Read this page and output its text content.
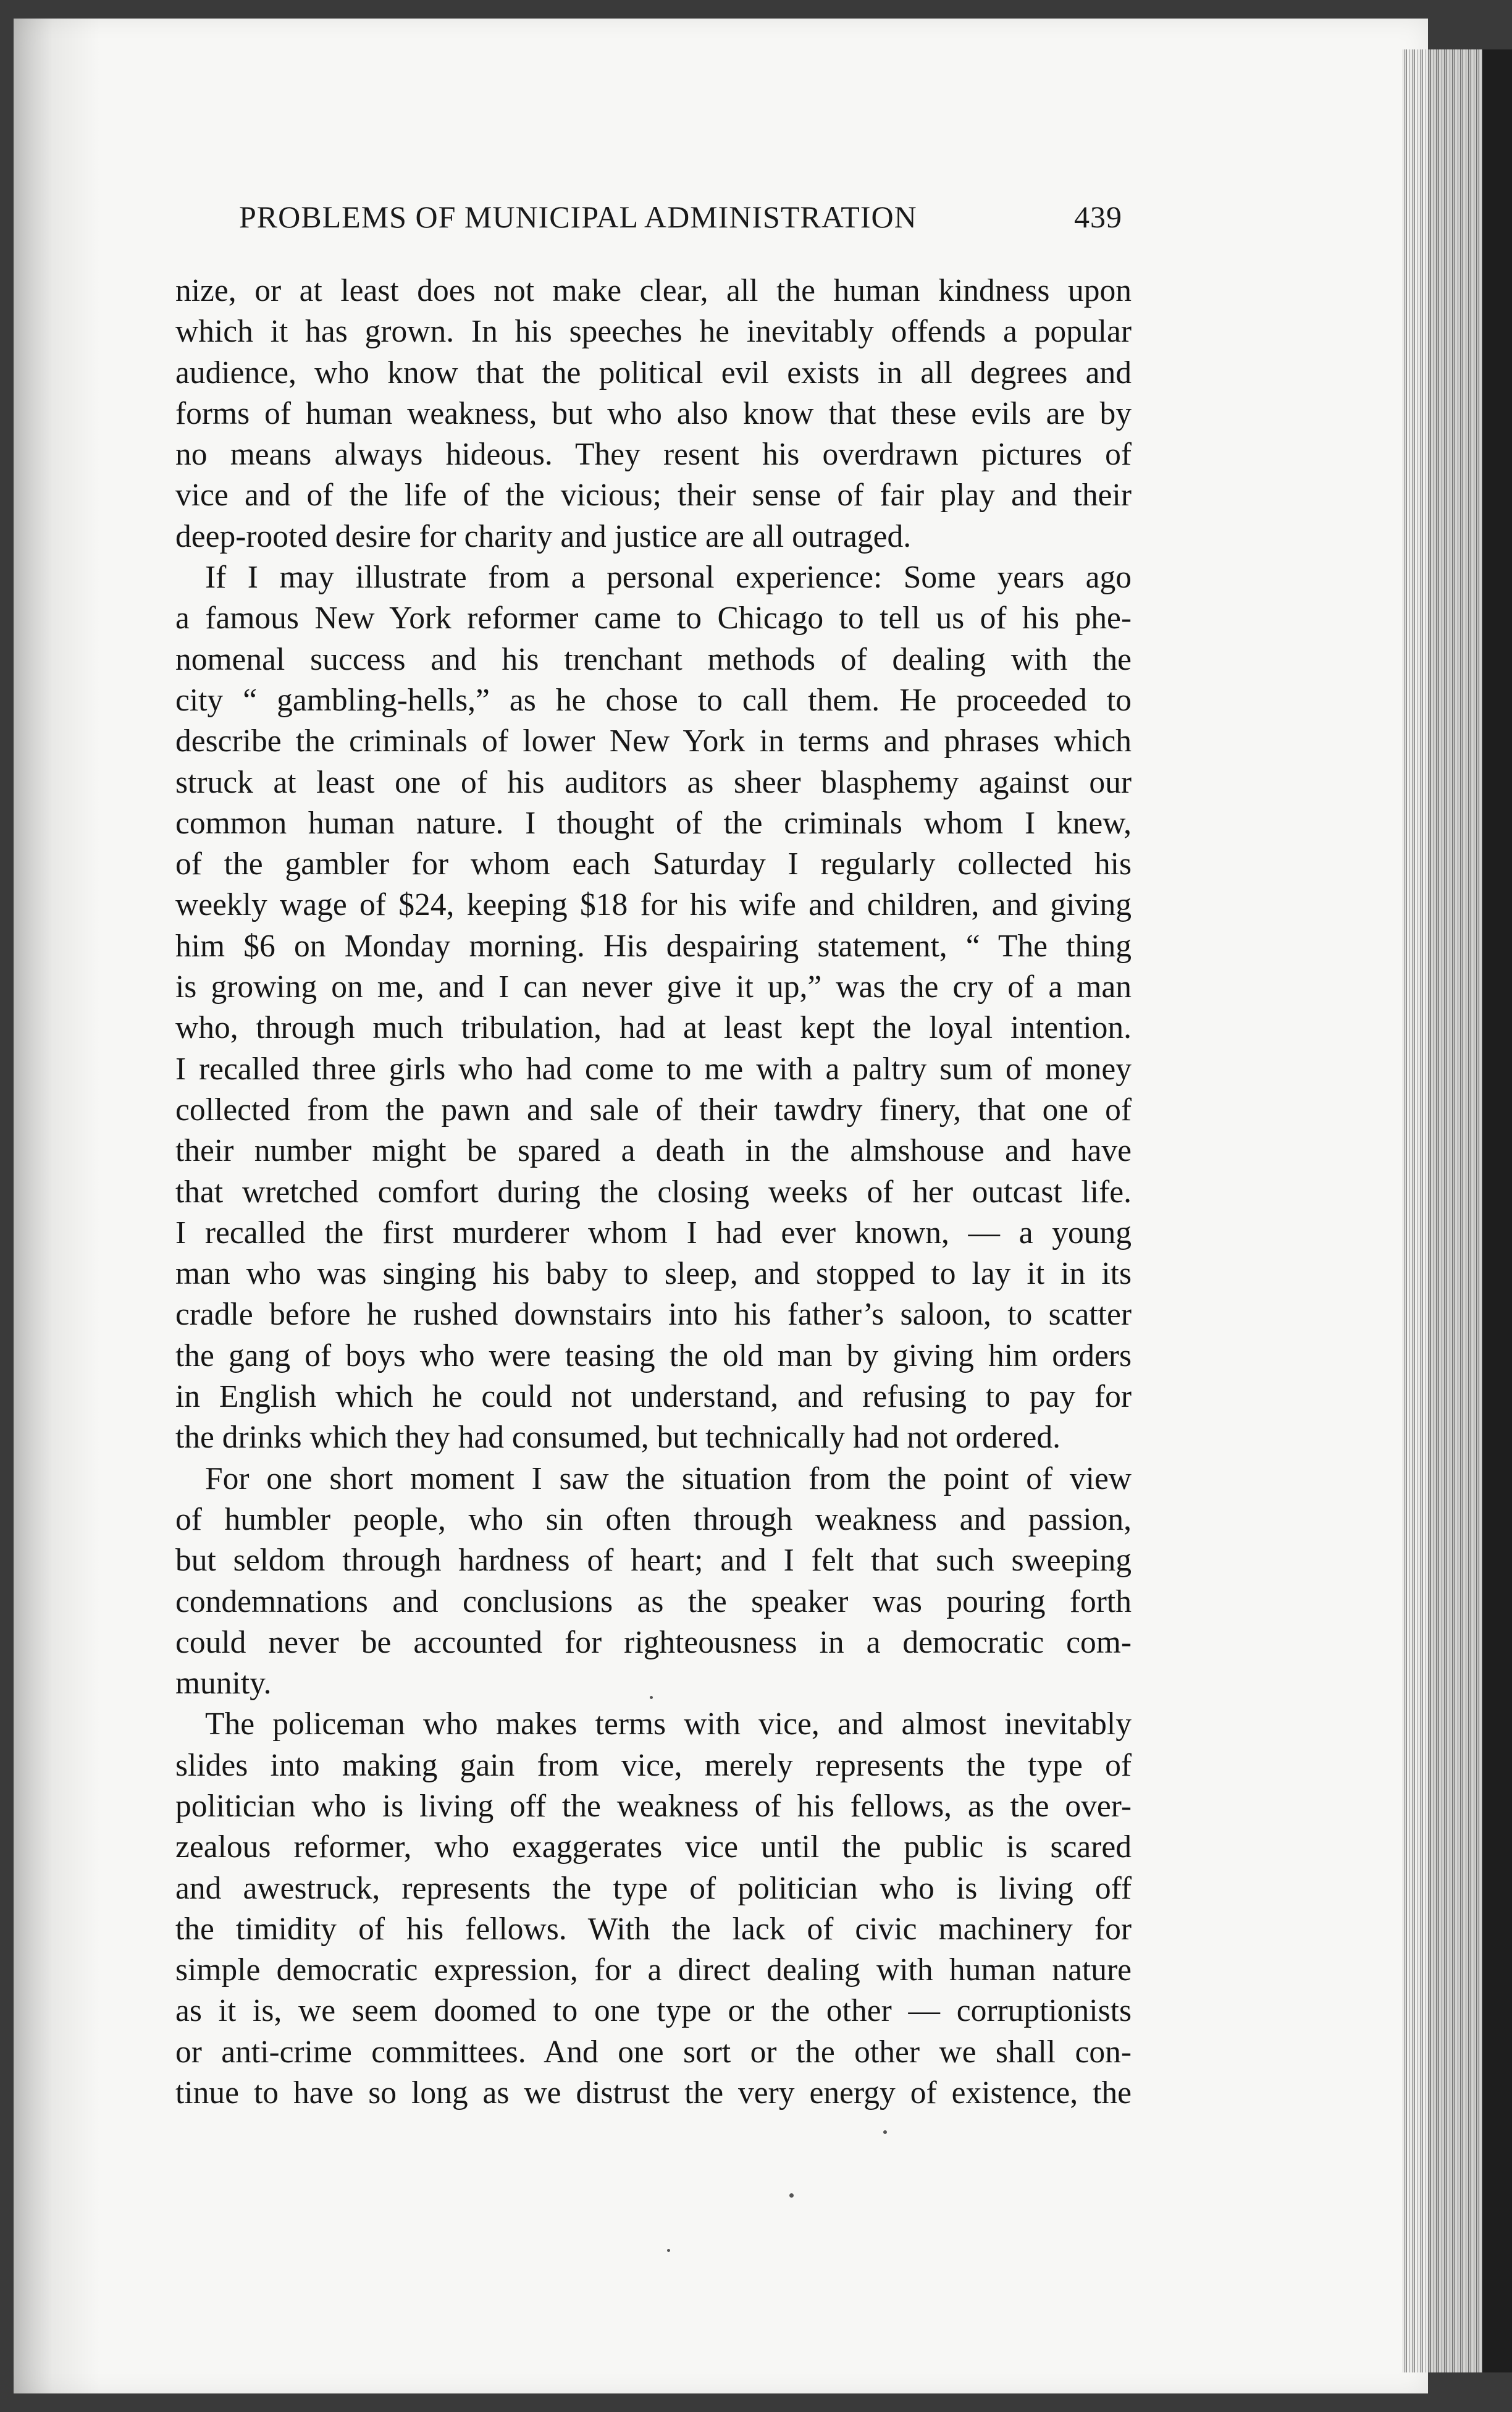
PROBLEMS OF MUNICIPAL ADMINISTRATION	439
nize, or at least does not make clear, all the human kindness upon
which it has grown. In his speeches he inevitably offends a popular
audience, who know that the political evil exists in all degrees and
forms of human weakness, but who also know that these evils are by
no means always hideous. They resent his overdrawn pictures of
vice and of the life of the vicious; their sense of fair play and their
deep-rooted desire for charity and justice are all outraged.
If I may illustrate from a personal experience: Some years ago
a famous New York reformer came to Chicago to tell us of his phe-
nomenal success and his trenchant methods of dealing with the
city “ gambling-hells,” as he chose to call them. He proceeded to
describe the criminals of lower New York in terms and phrases which
struck at least one of his auditors as sheer blasphemy against our
common human nature. I thought of the criminals whom I knew,
of the gambler for whom each Saturday I regularly collected his
weekly wage of $24, keeping $18 for his wife and children, and giving
him $6 on Monday morning. His despairing statement, “ The thing
is growing on me, and I can never give it up,” was the cry of a man
who, through much tribulation, had at least kept the loyal intention.
I recalled three girls who had come to me with a paltry sum of money
collected from the pawn and sale of their tawdry finery, that one of
their number might be spared a death in the almshouse and have
that wretched comfort during the closing weeks of her outcast life.
I recalled the first murderer whom I had ever known, — a young
man who was singing his baby to sleep, and stopped to lay it in its
cradle before he rushed downstairs into his father’s saloon, to scatter
the gang of boys who were teasing the old man by giving him orders
in English which he could not understand, and refusing to pay for
the drinks which they had consumed, but technically had not ordered.
For one short moment I saw the situation from the point of view
of humbler people, who sin often through weakness and passion,
but seldom through hardness of heart; and I felt that such sweeping
condemnations and conclusions as the speaker was pouring forth
could never be accounted for righteousness in a democratic com-
munity.
The policeman who makes terms with vice, and almost inevitably
slides into making gain from vice, merely represents the type of
politician who is living off the weakness of his fellows, as the over-
zealous reformer, who exaggerates vice until the public is scared
and awestruck, represents the type of politician who is living off
the timidity of his fellows. With the lack of civic machinery for
simple democratic expression, for a direct dealing with human nature
as it is, we seem doomed to one type or the other — corruptionists
or anti-crime committees. And one sort or the other we shall con-
tinue to have so long as we distrust the very energy of existence, the
